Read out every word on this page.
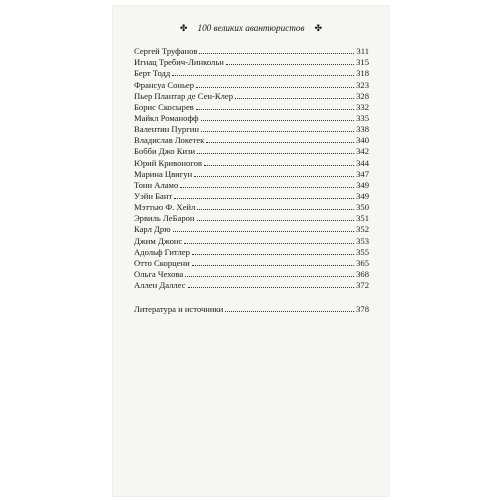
✤ 100 великих авантюристов ✤
Сергей Труфанов	311
Игнац Требич-Линкольн	315
Берт Тодд	318
Франсуа Соньер	323
Пьер Плантар де Сен-Клер	328
Борис Скосырев	332
Майкл Романофф	335
Валентин Пургин	338
Владислав Локетек	340
Бобби Джо Кизи	342
Юрий Кривоногов	344
Марина Цвигун	347
Тони Аламо	349
Уэйн Бант	349
Мэттью Ф. Хейл	350
Эрвиль ЛеБарон	351
Карл Дрю	352
Джим Джонс	353
Адольф Гитлер	355
Отто Скорцени	365
Ольга Чехова	368
Аллен Даллес	372
Литература и источники	378
